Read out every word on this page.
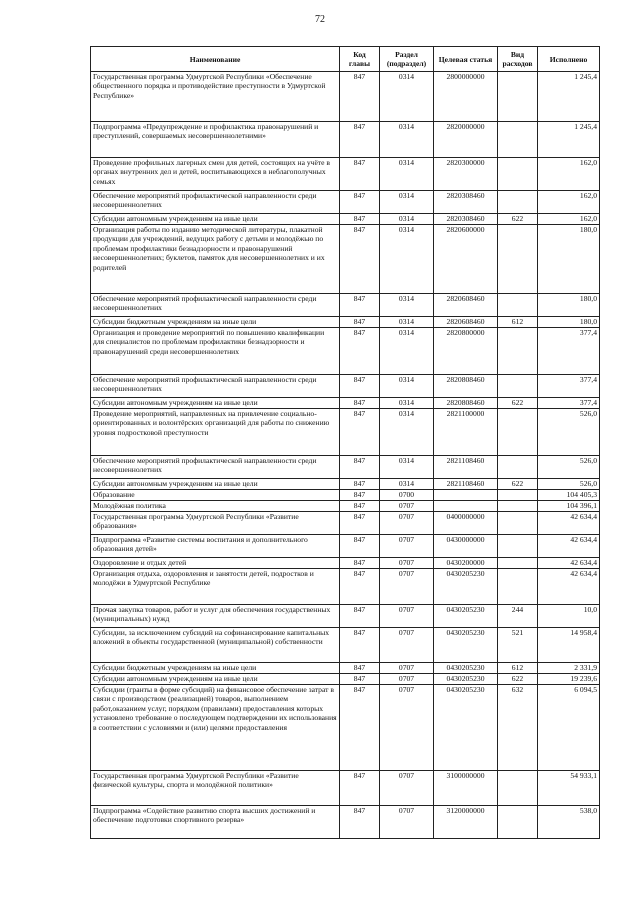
72
Наименование	Код главы	Раздел (подраздел)	Целевая статья	Вид расходов	Исполнено
Государственная программа Удмуртской Республики «Обеспечение общественного порядка и противодействие преступности в Удмуртской Республике»	847	0314	2800000000		1 245,4
Подпрограмма «Предупреждение и профилактика правонарушений и преступлений, совершаемых несовершеннолетними»	847	0314	2820000000		1 245,4
Проведение профильных лагерных смен для детей, состоящих на учёте в органах внутренних дел и детей, воспитывающихся в неблагополучных семьях	847	0314	2820300000		162,0
Обеспечение мероприятий профилактической направленности среди несовершеннолетних	847	0314	2820308460		162,0
Субсидии автономным учреждениям на иные цели	847	0314	2820308460	622	162,0
Организация работы по изданию методической литературы, плакатной продукции для учреждений, ведущих работу с детьми и молодёжью по проблемам профилактики безнадзорности и правонарушений несовершеннолетних; буклетов, памяток для несовершеннолетних и их родителей	847	0314	2820600000		180,0
Обеспечение мероприятий профилактической направленности среди несовершеннолетних	847	0314	2820608460		180,0
Субсидии бюджетным учреждениям на иные цели	847	0314	2820608460	612	180,0
Организация и проведение мероприятий по повышению квалификации для специалистов по проблемам профилактики безнадзорности и правонарушений среди несовершеннолетних	847	0314	2820800000		377,4
Обеспечение мероприятий профилактической направленности среди несовершеннолетних	847	0314	2820808460		377,4
Субсидии автономным учреждениям на иные цели	847	0314	2820808460	622	377,4
Проведение мероприятий, направленных на привлечение социально-ориентированных и волонтёрских организаций для работы по снижению уровня подростковой преступности	847	0314	2821100000		526,0
Обеспечение мероприятий профилактической направленности среди несовершеннолетних	847	0314	2821108460		526,0
Субсидии автономным учреждениям на иные цели	847	0314	2821108460	622	526,0
Образование	847	0700			104 405,3
Молодёжная политика	847	0707			104 396,1
Государственная программа Удмуртской Республики «Развитие образования»	847	0707	0400000000		42 634,4
Подпрограмма «Развитие системы воспитания и дополнительного образования детей»	847	0707	0430000000		42 634,4
Оздоровление и отдых детей	847	0707	0430200000		42 634,4
Организация отдыха, оздоровления и занятости детей, подростков и молодёжи в Удмуртской Республике	847	0707	0430205230		42 634,4
Прочая закупка товаров, работ и услуг для обеспечения государственных (муниципальных) нужд	847	0707	0430205230	244	10,0
Субсидии, за исключением субсидий на софинансирование капитальных вложений в объекты государственной (муниципальной) собственности	847	0707	0430205230	521	14 958,4
Субсидии бюджетным учреждениям на иные цели	847	0707	0430205230	612	2 331,9
Субсидии автономным учреждениям на иные цели	847	0707	0430205230	622	19 239,6
Субсидии (гранты в форме субсидий) на финансовое обеспечение затрат в связи с производством (реализацией) товаров, выполнением работ,оказанием услуг, порядком (правилами) предоставления которых установлено требование о последующем подтверждении их использования в соответствии с условиями и (или) целями предоставления	847	0707	0430205230	632	6 094,5
Государственная программа Удмуртской Республики «Развитие физической культуры, спорта и молодёжной политики»	847	0707	3100000000		54 933,1
Подпрограмма «Содействие развитию спорта высших достижений и обеспечение подготовки спортивного резерва»	847	0707	3120000000		538,0
